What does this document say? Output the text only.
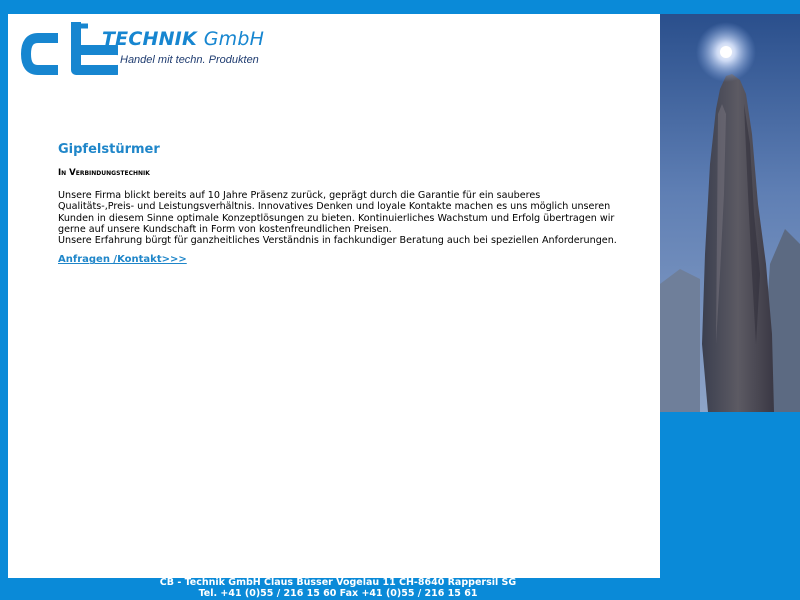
TECHNIK GmbH
Handel mit techn. Produkten
Gipfelstürmer
In Verbindungstechnik

Unsere Firma blickt bereits auf 10 Jahre Präsenz zurück, geprägt durch die Garantie für ein sauberes Qualitäts-,Preis- und Leistungsverhältnis. Innovatives Denken und loyale Kontakte machen es uns möglich unseren Kunden in diesem Sinne optimale Konzeptlösungen zu bieten. Kontinuierliches Wachstum und Erfolg übertragen wir gerne auf unsere Kundschaft in Form von kostenfreundlichen Preisen.

Unsere Erfahrung bürgt für ganzheitliches Verständnis in fachkundiger Beratung auch bei speziellen Anforderungen.

Anfragen /Kontakt>>>
CB - Technik GmbH Claus Büsser Vogelau 11 CH-8640 Rappersil SG
Tel. +41 (0)55 / 216 15 60 Fax +41 (0)55 / 216 15 61
